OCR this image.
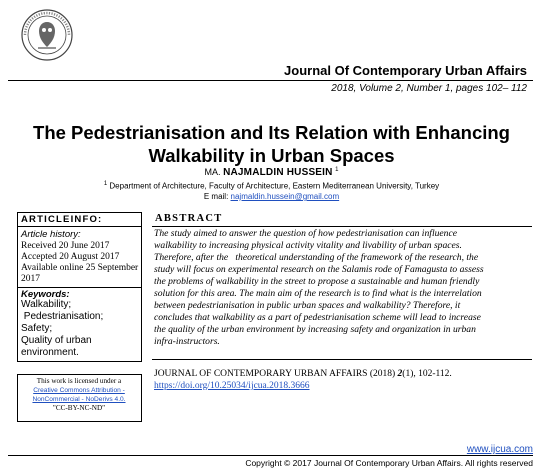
Journal Of Contemporary Urban Affairs
2018, Volume 2, Number 1, pages 102– 112
The Pedestrianisation and Its Relation with Enhancing
Walkability in Urban Spaces
MA. NAJMALDIN HUSSEIN $^1$
$^1$ Department of Architecture, Faculty of Architecture, Eastern Mediterranean University, Turkey
E mail: najmaldin.hussein@gmail.com
ARTICLEINFO:
Article history:
Received 20 June 2017
Accepted 20 August 2017
Available online 25 September
2017
Keywords:
Walkability;
Pedestrianisation;
Safety;
Quality of urban
environment.
This work is licensed under a
Creative Commons Attribution -
NonCommercial - NoDerivs 4.0.
"CC-BY-NC-ND"
ABSTRACT
The study aimed to answer the question of how pedestrianisation can influence
walkability to increasing physical activity vitality and livability of urban spaces.
Therefore, after the   theoretical understanding of the framework of the research, the
study will focus on experimental research on the Salamis rode of Famagusta to assess
the problems of walkability in the street to propose a sustainable and human friendly
solution for this area. The main aim of the research is to find what is the interrelation
between pedestrianisation in public urban spaces and walkability? Therefore, it
concludes that walkability as a part of pedestrianisation scheme will lead to increase
the quality of the urban environment by increasing safety and organization in urban
infra-instructors.
JOURNAL OF CONTEMPORARY URBAN AFFAIRS (2018) 2(1), 102-112.
https://doi.org/10.25034/ijcua.2018.3666
www.ijcua.com
Copyright © 2017 Journal Of Contemporary Urban Affairs. All rights reserved
